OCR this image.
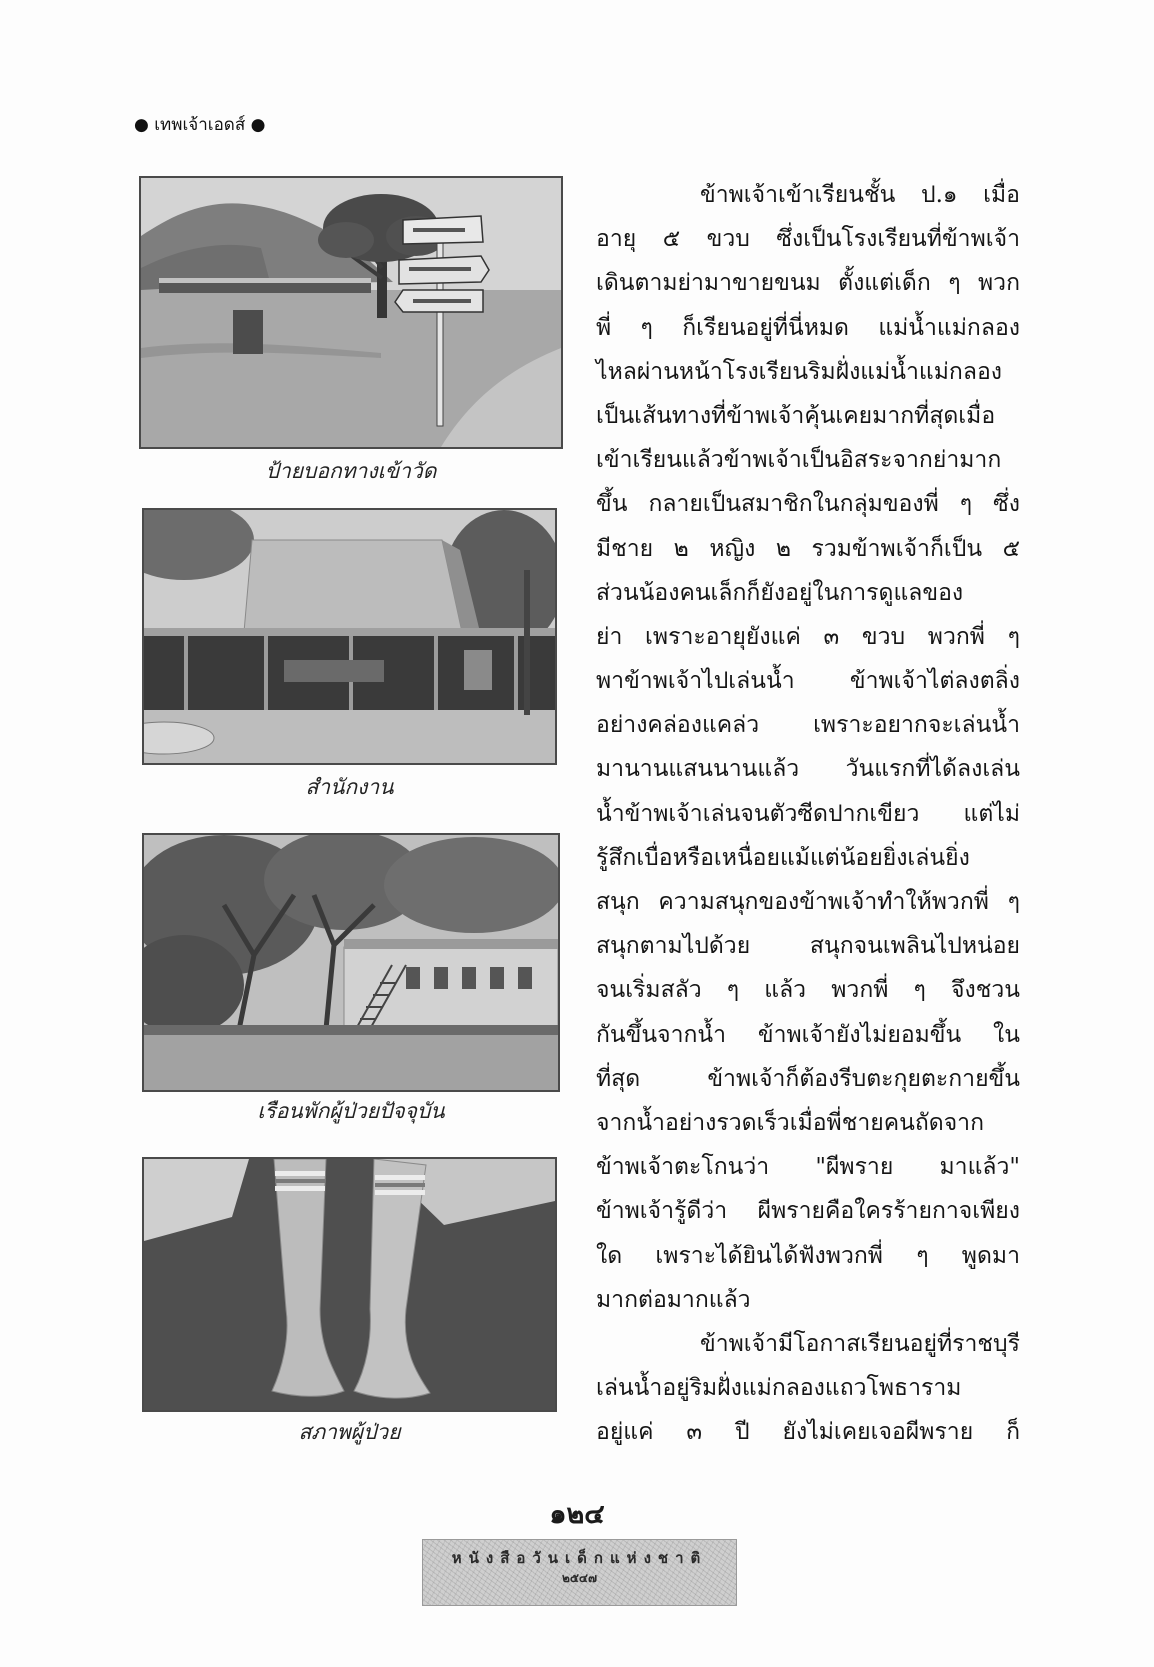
● เทพเจ้าเอดส์ ●
ป้ายบอกทางเข้าวัด
สำนักงาน
เรือนพักผู้ป่วยปัจจุบัน
สภาพผู้ป่วย
ข้าพเจ้าเข้าเรียนชั้น ป.๑ เมื่อ
อายุ ๕ ขวบ ซึ่งเป็นโรงเรียนที่ข้าพเจ้า
เดินตามย่ามาขายขนม ตั้งแต่เด็ก ๆ พวก
พี่ ๆ ก็เรียนอยู่ที่นี่หมด แม่น้ำแม่กลอง
ไหลผ่านหน้าโรงเรียนริมฝั่งแม่น้ำแม่กลอง
เป็นเส้นทางที่ข้าพเจ้าคุ้นเคยมากที่สุดเมื่อ
เข้าเรียนแล้วข้าพเจ้าเป็นอิสระจากย่ามาก
ขึ้น กลายเป็นสมาชิกในกลุ่มของพี่ ๆ ซึ่ง
มีชาย ๒ หญิง ๒ รวมข้าพเจ้าก็เป็น ๕
ส่วนน้องคนเล็กก็ยังอยู่ในการดูแลของ
ย่า เพราะอายุยังแค่ ๓ ขวบ พวกพี่ ๆ
พาข้าพเจ้าไปเล่นน้ำ ข้าพเจ้าไต่ลงตลิ่ง
อย่างคล่องแคล่ว เพราะอยากจะเล่นน้ำ
มานานแสนนานแล้ว วันแรกที่ได้ลงเล่น
น้ำข้าพเจ้าเล่นจนตัวซีดปากเขียว แต่ไม่
รู้สึกเบื่อหรือเหนื่อยแม้แต่น้อยยิ่งเล่นยิ่ง
สนุก ความสนุกของข้าพเจ้าทำให้พวกพี่ ๆ
สนุกตามไปด้วย สนุกจนเพลินไปหน่อย
จนเริ่มสลัว ๆ แล้ว พวกพี่ ๆ จึงชวน
กันขึ้นจากน้ำ ข้าพเจ้ายังไม่ยอมขึ้น ใน
ที่สุด ข้าพเจ้าก็ต้องรีบตะกุยตะกายขึ้น
จากน้ำอย่างรวดเร็วเมื่อพี่ชายคนถัดจาก
ข้าพเจ้าตะโกนว่า "ผีพราย มาแล้ว"
ข้าพเจ้ารู้ดีว่า ผีพรายคือใครร้ายกาจเพียง
ใด เพราะได้ยินได้ฟังพวกพี่ ๆ พูดมา
มากต่อมากแล้ว
ข้าพเจ้ามีโอกาสเรียนอยู่ที่ราชบุรี
เล่นน้ำอยู่ริมฝั่งแม่กลองแถวโพธาราม
อยู่แค่ ๓ ปี ยังไม่เคยเจอผีพราย ก็
๑๒๔
หนังสือวันเด็กแห่งชาติ
๒๕๔๗
